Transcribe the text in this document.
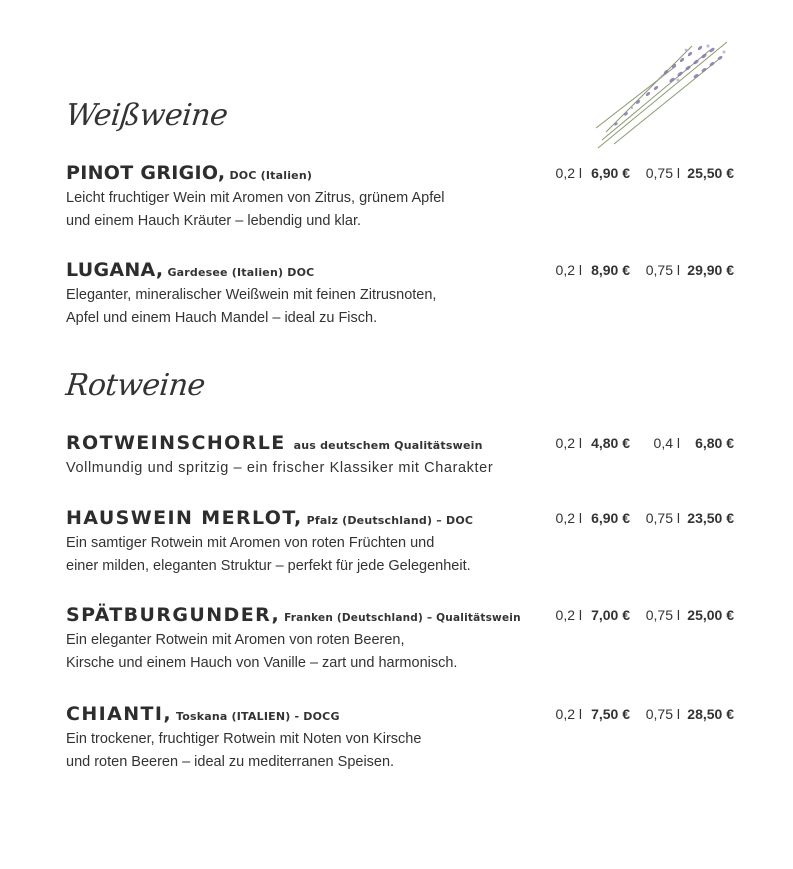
Weißweine
PINOT GRIGIO, DOC (Italien)	0,2 l 6,90 € 0,75 l 25,50 €
Leicht fruchtiger Wein mit Aromen von Zitrus, grünem Apfel
und einem Hauch Kräuter – lebendig und klar.
LUGANA, Gardesee (Italien) DOC	0,2 l 8,90 € 0,75 l 29,90 €
Eleganter, mineralischer Weißwein mit feinen Zitrusnoten,
Apfel und einem Hauch Mandel – ideal zu Fisch.
Rotweine
ROTWEINSCHORLE aus deutschem Qualitätswein	0,2 l 4,80 € 0,4 l 6,80 €
Vollmundig und spritzig – ein frischer Klassiker mit Charakter
HAUSWEIN MERLOT, Pfalz (Deutschland) – DOC	0,2 l 6,90 € 0,75 l 23,50 €
Ein samtiger Rotwein mit Aromen von roten Früchten und
einer milden, eleganten Struktur – perfekt für jede Gelegenheit.
SPÄTBURGUNDER, Franken (Deutschland) – Qualitätswein	0,2 l 7,00 € 0,75 l 25,00 €
Ein eleganter Rotwein mit Aromen von roten Beeren,
Kirsche und einem Hauch von Vanille – zart und harmonisch.
CHIANTI, Toskana (ITALIEN) - DOCG	0,2 l 7,50 € 0,75 l 28,50 €
Ein trockener, fruchtiger Rotwein mit Noten von Kirsche
und roten Beeren – ideal zu mediterranen Speisen.
